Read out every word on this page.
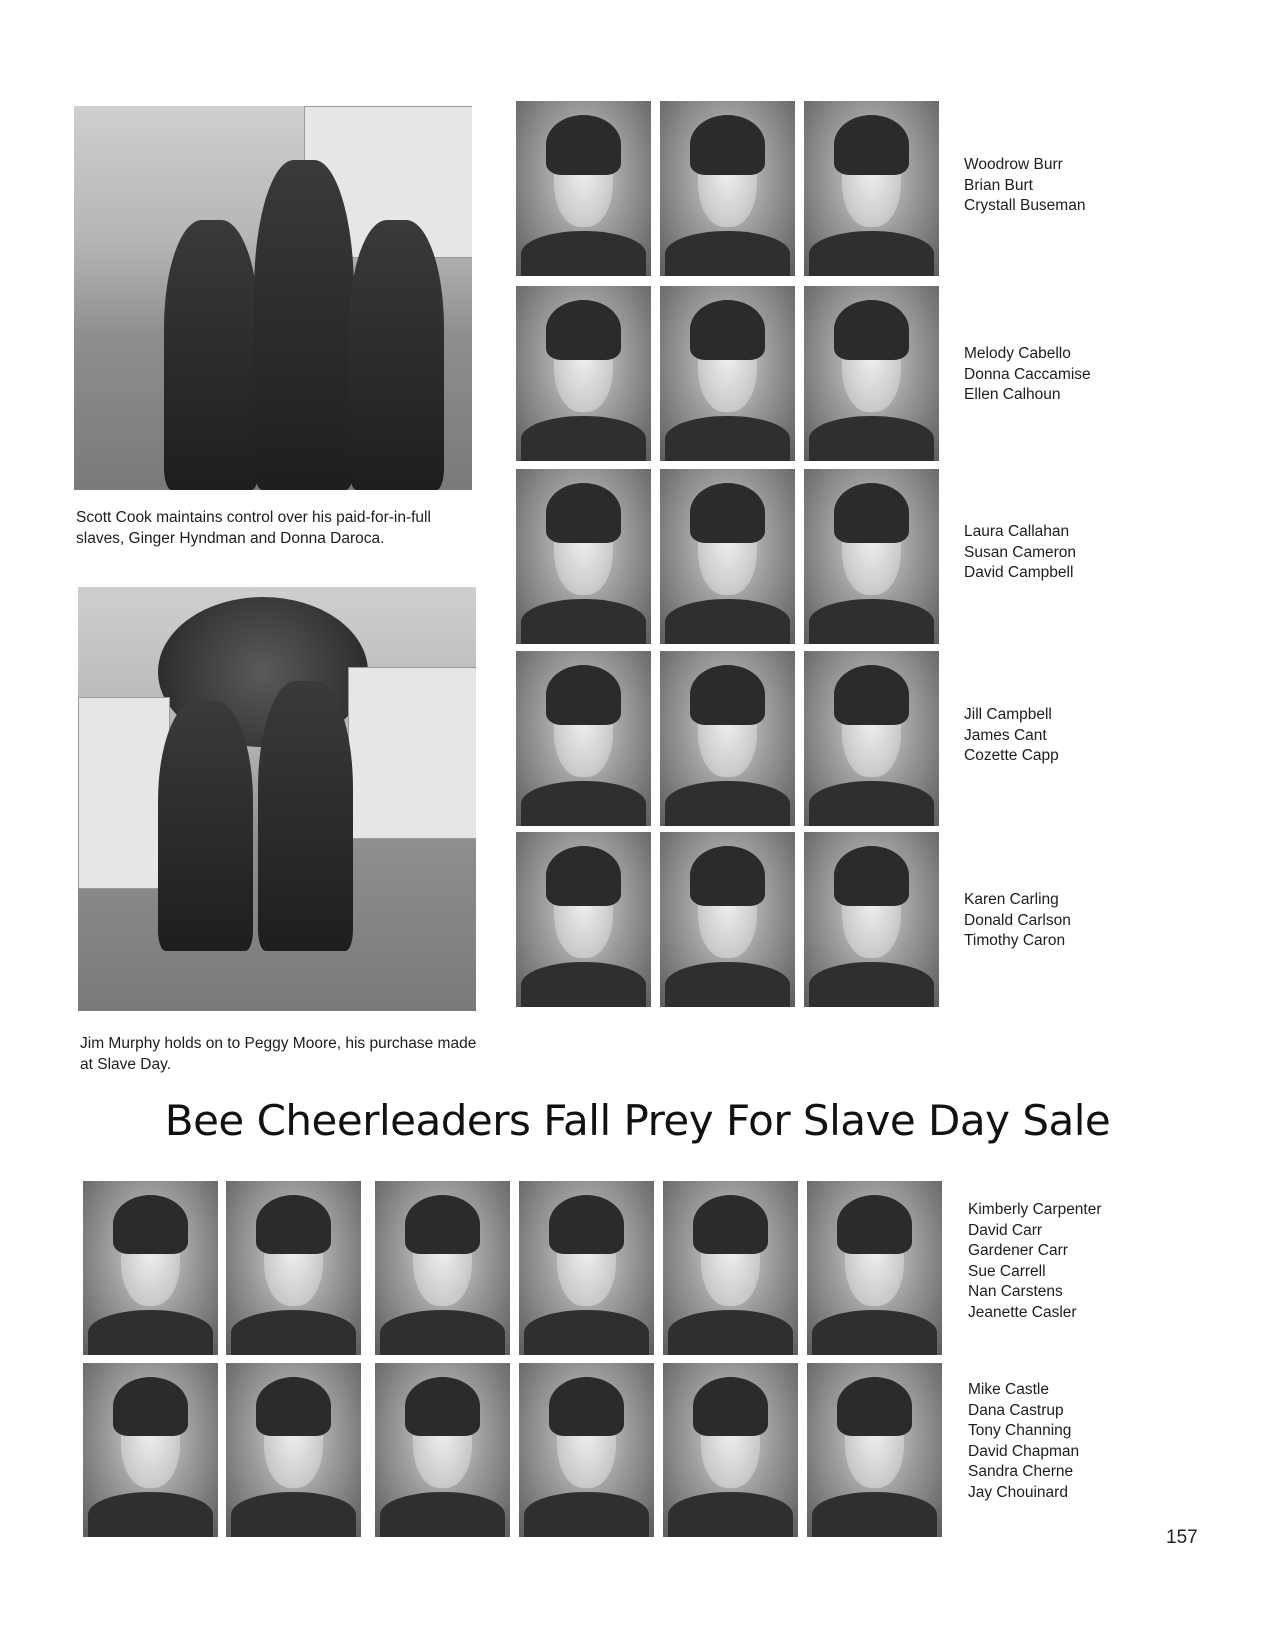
Scott Cook maintains control over his paid-for-in-full slaves, Ginger Hyndman and Donna Daroca.
Jim Murphy holds on to Peggy Moore, his purchase made at Slave Day.
Woodrow Burr
Brian Burt
Crystall Buseman
Melody Cabello
Donna Caccamise
Ellen Calhoun
Laura Callahan
Susan Cameron
David Campbell
Jill Campbell
James Cant
Cozette Capp
Karen Carling
Donald Carlson
Timothy Caron
Bee Cheerleaders Fall Prey For Slave Day Sale
Kimberly Carpenter
David Carr
Gardener Carr
Sue Carrell
Nan Carstens
Jeanette Casler
Mike Castle
Dana Castrup
Tony Channing
David Chapman
Sandra Cherne
Jay Chouinard
157
